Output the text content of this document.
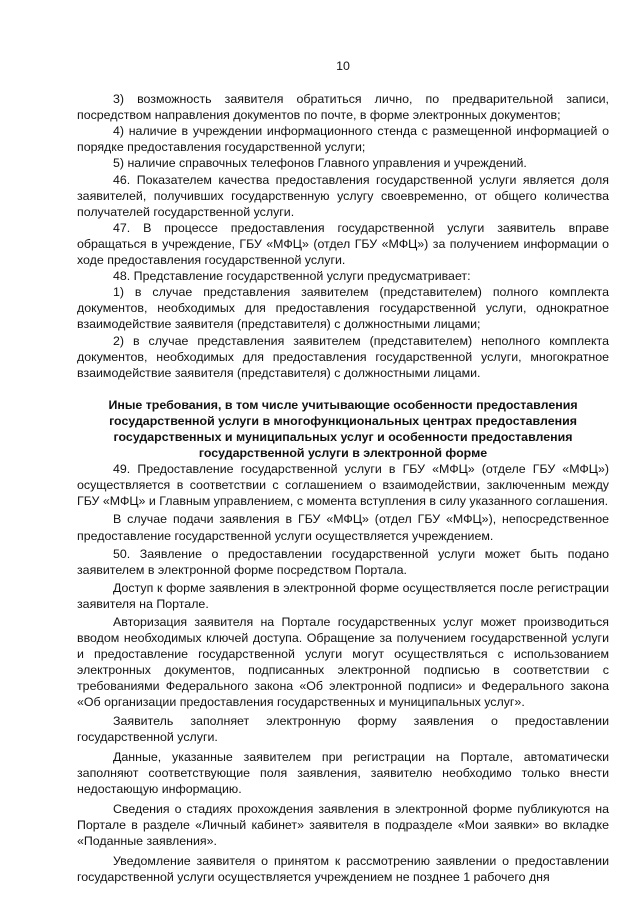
10

3) возможность заявителя обратиться лично, по предварительной записи, посредством направления документов по почте, в форме электронных документов;

4) наличие в учреждении информационного стенда с размещенной информацией о порядке предоставления государственной услуги;

5) наличие справочных телефонов Главного управления и учреждений.

46. Показателем качества предоставления государственной услуги является доля заявителей, получивших государственную услугу своевременно, от общего количества получателей государственной услуги.

47. В процессе предоставления государственной услуги заявитель вправе обращаться в учреждение, ГБУ «МФЦ» (отдел ГБУ «МФЦ») за получением информации о ходе предоставления государственной услуги.

48. Представление государственной услуги предусматривает:

1) в случае представления заявителем (представителем) полного комплекта документов, необходимых для предоставления государственной услуги, однократное взаимодействие заявителя (представителя) с должностными лицами;

2) в случае представления заявителем (представителем) неполного комплекта документов, необходимых для предоставления государственной услуги, многократное взаимодействие заявителя (представителя) с должностными лицами.

Иные требования, в том числе учитывающие особенности предоставления государственной услуги в многофункциональных центрах предоставления государственных и муниципальных услуг и особенности предоставления государственной услуги в электронной форме

49. Предоставление государственной услуги в ГБУ «МФЦ» (отделе ГБУ «МФЦ») осуществляется в соответствии с соглашением о взаимодействии, заключенным между ГБУ «МФЦ» и Главным управлением, с момента вступления в силу указанного соглашения.

В случае подачи заявления в ГБУ «МФЦ» (отдел ГБУ «МФЦ»), непосредственное предоставление государственной услуги осуществляется учреждением.

50. Заявление о предоставлении государственной услуги может быть подано заявителем в электронной форме посредством Портала.

Доступ к форме заявления в электронной форме осуществляется после регистрации заявителя на Портале.

Авторизация заявителя на Портале государственных услуг может производиться вводом необходимых ключей доступа. Обращение за получением государственной услуги и предоставление государственной услуги могут осуществляться с использованием электронных документов, подписанных электронной подписью в соответствии с требованиями Федерального закона «Об электронной подписи» и Федерального закона «Об организации предоставления государственных и муниципальных услуг».

Заявитель заполняет электронную форму заявления о предоставлении государственной услуги.

Данные, указанные заявителем при регистрации на Портале, автоматически заполняют соответствующие поля заявления, заявителю необходимо только внести недостающую информацию.

Сведения о стадиях прохождения заявления в электронной форме публикуются на Портале в разделе «Личный кабинет» заявителя в подразделе «Мои заявки» во вкладке «Поданные заявления».

Уведомление заявителя о принятом к рассмотрению заявлении о предоставлении государственной услуги осуществляется учреждением не позднее 1 рабочего дня
